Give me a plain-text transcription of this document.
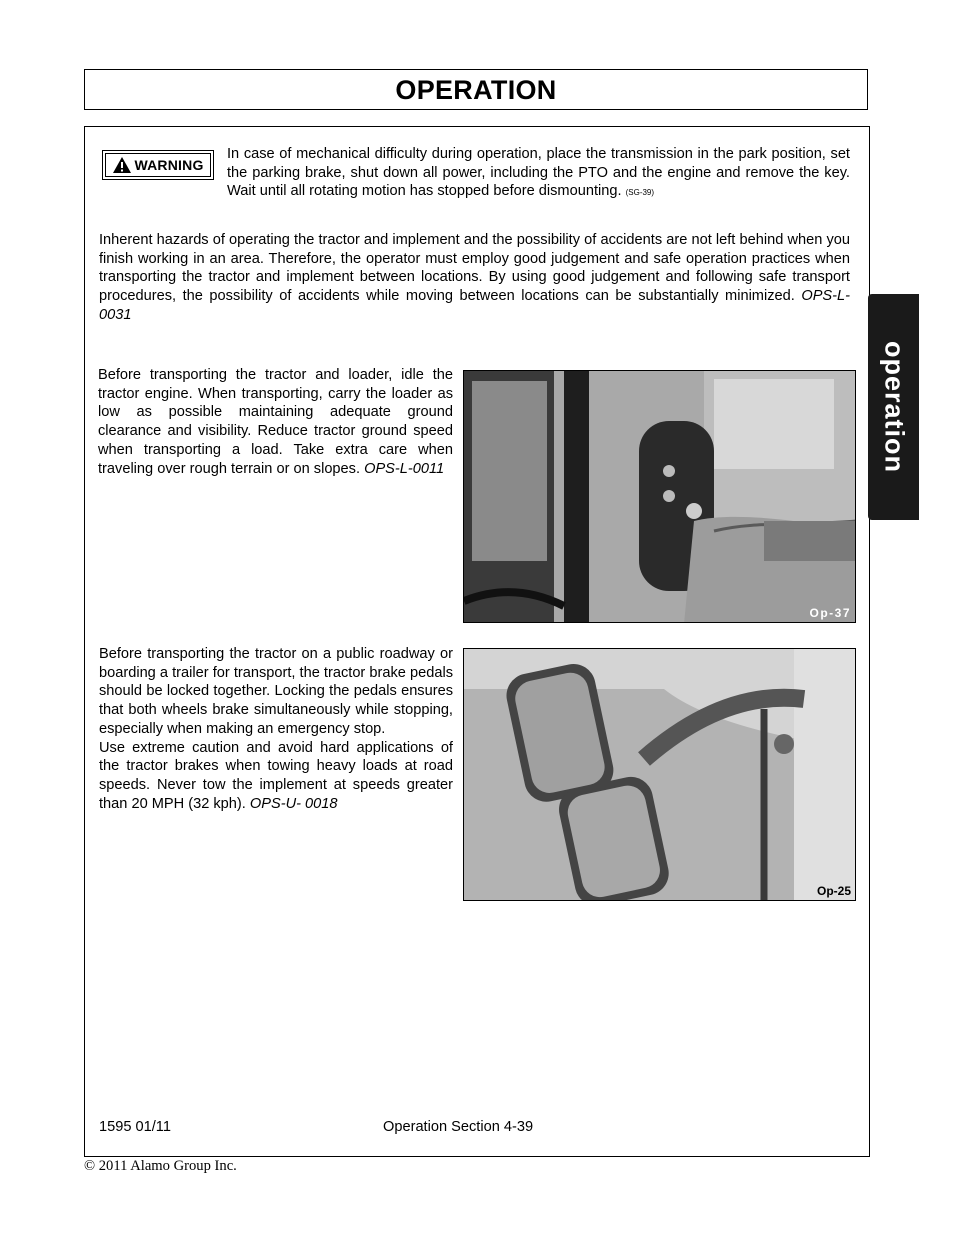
OPERATION
WARNING
In case of mechanical difficulty during operation, place the transmission in the park position, set the parking brake, shut down all power, including the PTO and the engine and remove the key. Wait until all rotating motion has stopped before dismounting. (SG-39)
Inherent hazards of operating the tractor and implement and the possibility of accidents are not left behind when you finish working in an area. Therefore, the operator must employ good judgement and safe operation practices when transporting the tractor and implement between locations. By using good judgement and following safe transport procedures, the possibility of accidents while moving between locations can be substantially minimized. OPS-L- 0031
Before transporting the tractor and loader, idle the tractor engine. When transporting, carry the loader as low as possible maintaining adequate ground clearance and visibility. Reduce tractor ground speed when transporting a load. Take extra care when traveling over rough terrain or on slopes. OPS-L-0011
Op-37
Before transporting the tractor on a public roadway or boarding a trailer for transport, the tractor brake pedals should be locked together. Locking the pedals ensures that both wheels brake simultaneously while stopping, especially when making an emergency stop.
Use extreme caution and avoid hard applications of the tractor brakes when towing heavy loads at road speeds. Never tow the implement at speeds greater than 20 MPH (32 kph). OPS-U- 0018
Op-25
operation
1595 01/11	Operation Section 4-39
© 2011 Alamo Group Inc.
